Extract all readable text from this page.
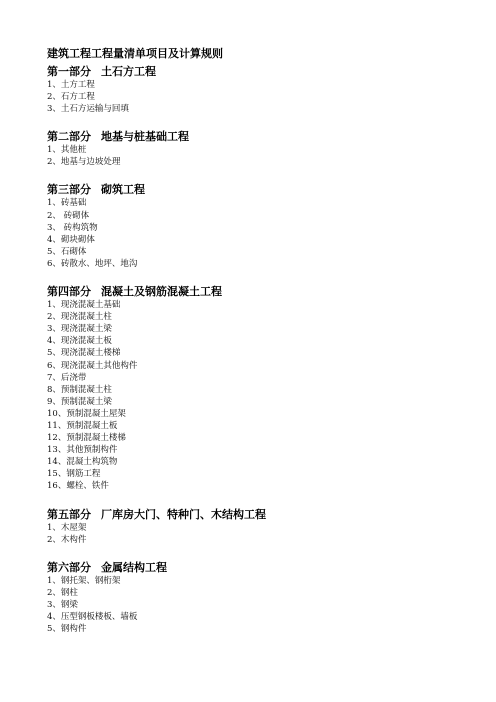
建筑工程工程量清单项目及计算规则
第一部分 土石方工程
1、土方工程
2、石方工程
3、土石方运输与回填
第二部分 地基与桩基础工程
1、其他桩
2、地基与边坡处理
第三部分 砌筑工程
1、砖基础
2、 砖砌体
3、 砖构筑物
4、砌块砌体
5、石砌体
6、砖散水、地坪、地沟
第四部分 混凝土及钢筋混凝土工程
1、现浇混凝土基础
2、现浇混凝土柱
3、现浇混凝土梁
4、现浇混凝土板
5、现浇混凝土楼梯
6、现浇混凝土其他构件
7、后浇带
8、预制混凝土柱
9、预制混凝土梁
10、预制混凝土屋架
11、预制混凝土板
12、预制混凝土楼梯
13、其他预制构件
14、混凝土构筑物
15、钢筋工程
16、螺栓、铁件
第五部分 厂库房大门、特种门、木结构工程
1、木屋架
2、木构件
第六部分 金属结构工程
1、钢托架、钢桁架
2、钢柱
3、钢梁
4、压型钢板楼板、墙板
5、钢构件
